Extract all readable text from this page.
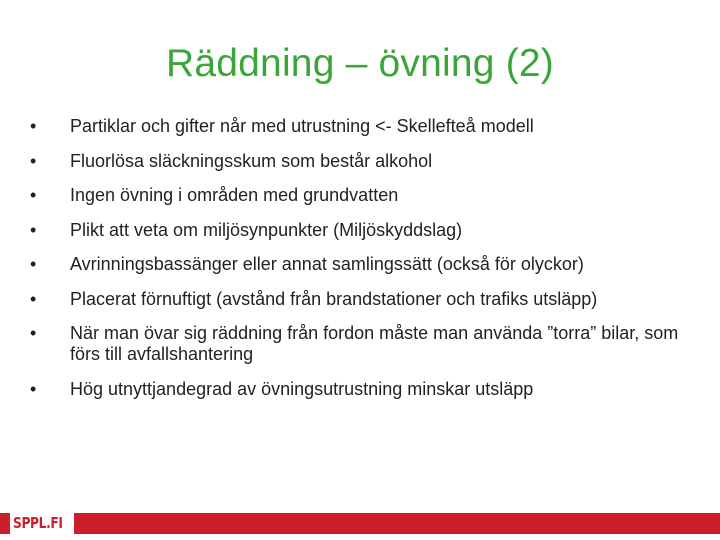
Räddning – övning (2)
•	Partiklar och gifter når med utrustning <- Skellefteå modell
•	Fluorlösa släckningsskum som består alkohol
•	Ingen övning i områden med grundvatten
•	Plikt att veta om miljösynpunkter (Miljöskyddslag)
•	Avrinningsbassänger eller annat samlingssätt (också för olyckor)
•	Placerat förnuftigt (avstånd från brandstationer och trafiks utsläpp)
•	När man övar sig räddning från fordon måste man använda ”torra” bilar, som förs till avfallshantering
•	Hög utnyttjandegrad av övningsutrustning minskar utsläpp
SPPL.FI
